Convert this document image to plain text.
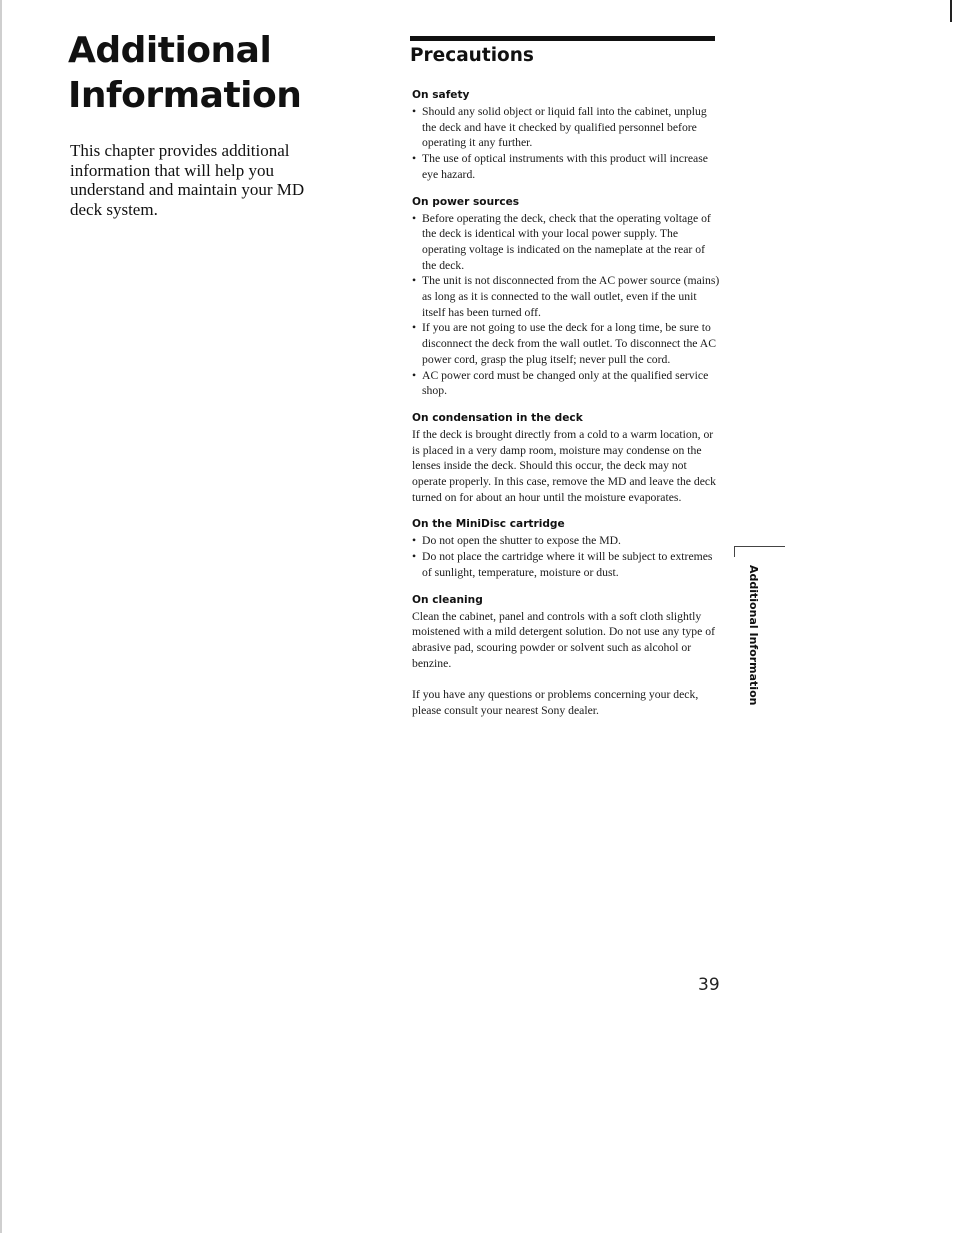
Additional
Information

This chapter provides additional information that will help you understand and maintain your MD deck system.

Precautions
On safety
• Should any solid object or liquid fall into the cabinet, unplug the deck and have it checked by qualified personnel before operating it any further.
• The use of optical instruments with this product will increase eye hazard.
On power sources
• Before operating the deck, check that the operating voltage of the deck is identical with your local power supply. The operating voltage is indicated on the nameplate at the rear of the deck.
• The unit is not disconnected from the AC power source (mains) as long as it is connected to the wall outlet, even if the unit itself has been turned off.
• If you are not going to use the deck for a long time, be sure to disconnect the deck from the wall outlet. To disconnect the AC power cord, grasp the plug itself; never pull the cord.
• AC power cord must be changed only at the qualified service shop.
On condensation in the deck

If the deck is brought directly from a cold to a warm location, or is placed in a very damp room, moisture may condense on the lenses inside the deck. Should this occur, the deck may not operate properly. In this case, remove the MD and leave the deck turned on for about an hour until the moisture evaporates.

On the MiniDisc cartridge
• Do not open the shutter to expose the MD.
• Do not place the cartridge where it will be subject to extremes of sunlight, temperature, moisture or dust.
On cleaning

Clean the cabinet, panel and controls with a soft cloth slightly moistened with a mild detergent solution. Do not use any type of abrasive pad, scouring powder or solvent such as alcohol or benzine.

If you have any questions or problems concerning your deck, please consult your nearest Sony dealer.

Additional Information
39
